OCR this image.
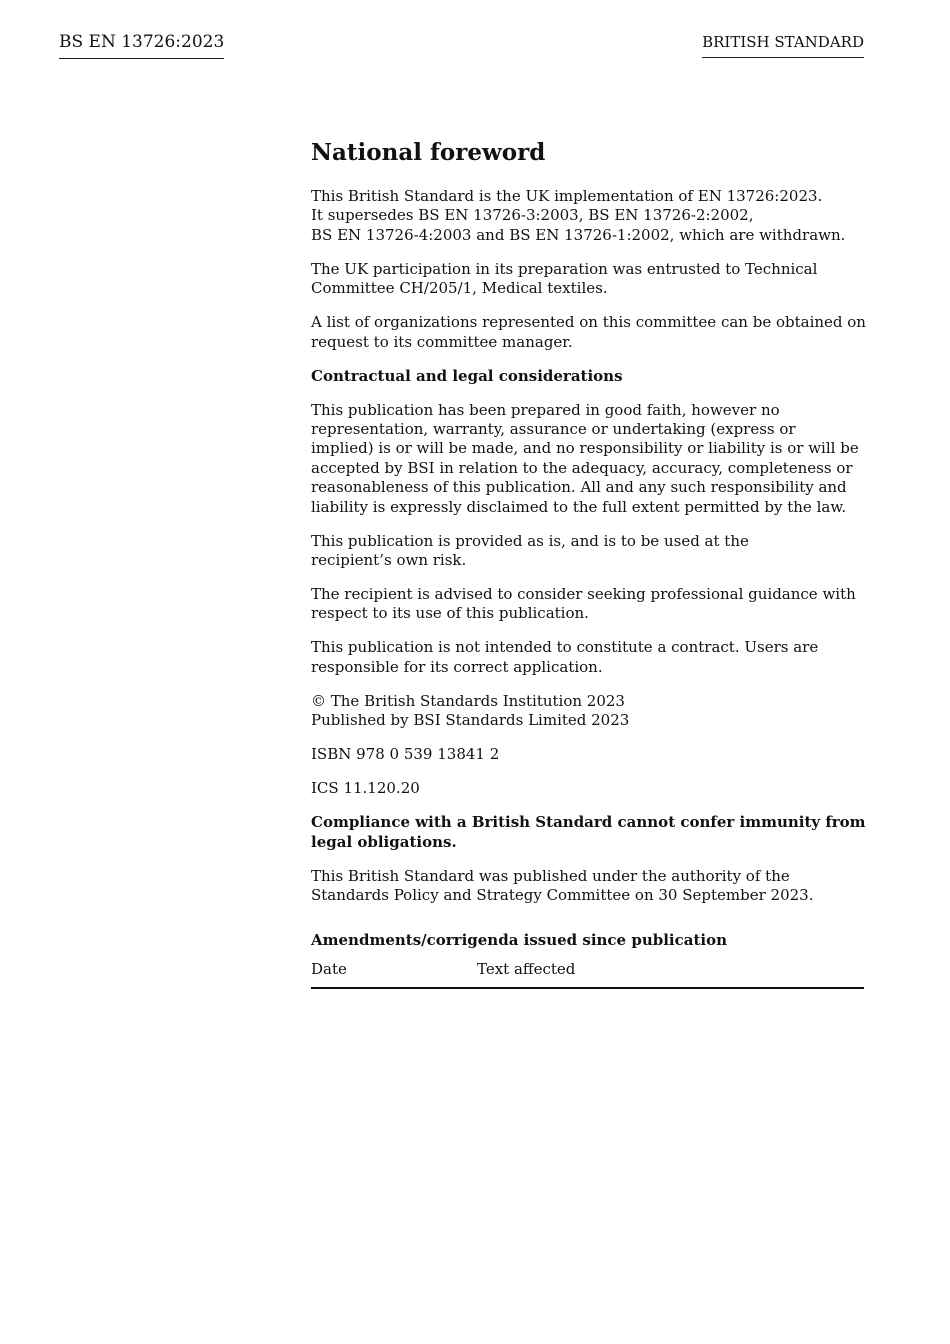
BS EN 13726:2023	BRITISH STANDARD
National foreword
This British Standard is the UK implementation of EN 13726:2023.
It supersedes BS EN 13726-3:2003, BS EN 13726-2:2002,
BS EN 13726-4:2003 and BS EN 13726-1:2002, which are withdrawn.
The UK participation in its preparation was entrusted to Technical
Committee CH/205/1, Medical textiles.
A list of organizations represented on this committee can be obtained on
request to its committee manager.
Contractual and legal considerations
This publication has been prepared in good faith, however no
representation, warranty, assurance or undertaking (express or
implied) is or will be made, and no responsibility or liability is or will be
accepted by BSI in relation to the adequacy, accuracy, completeness or
reasonableness of this publication. All and any such responsibility and
liability is expressly disclaimed to the full extent permitted by the law.
This publication is provided as is, and is to be used at the
recipient’s own risk.
The recipient is advised to consider seeking professional guidance with
respect to its use of this publication.
This publication is not intended to constitute a contract. Users are
responsible for its correct application.
© The British Standards Institution 2023
Published by BSI Standards Limited 2023
ISBN 978 0 539 13841 2
ICS 11.120.20
Compliance with a British Standard cannot confer immunity from
legal obligations.
This British Standard was published under the authority of the
Standards Policy and Strategy Committee on 30 September 2023.
Amendments/corrigenda issued since publication
Date	Text affected
